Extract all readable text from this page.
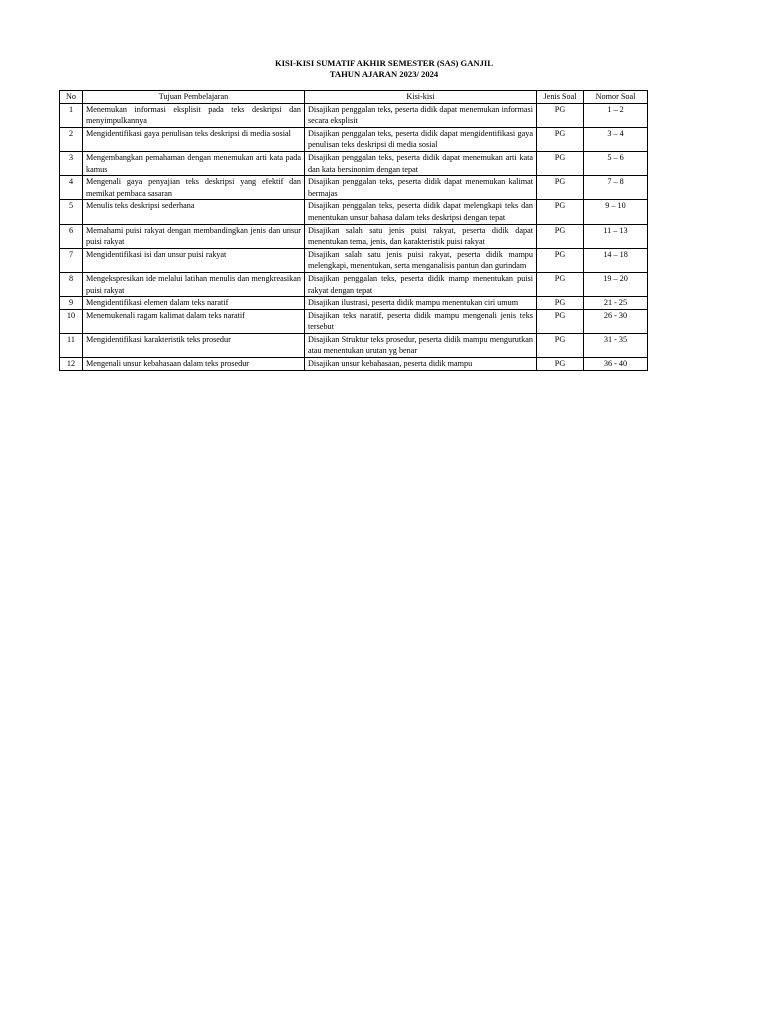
KISI-KISI SUMATIF AKHIR SEMESTER (SAS) GANJIL
TAHUN AJARAN 2023/ 2024
No	Tujuan Pembelajaran	Kisi-kisi	Jenis Soal	Nomor Soal
1	Menemukan informasi eksplisit pada teks deskripsi dan menyimpulkannya	Disajikan penggalan teks, peserta didik dapat menemukan informasi secara eksplisit	PG	1 – 2
2	Mengidentifikasi gaya penulisan teks deskripsi di media sosial	Disajikan penggalan teks, peserta didik dapat mengidentifikasi gaya penulisan teks deskripsi di media sosial	PG	3 – 4
3	Mengembangkan pemahaman dengan menemukan arti kata pada kamus	Disajikan penggalan teks, peserta didik dapat menemukan arti kata dan kata bersinonim dengan tepat	PG	5 – 6
4	Mengenali gaya penyajian teks deskripsi yang efektif dan memikat pembaca sasaran	Disajikan penggalan teks, peserta didik dapat menemukan kalimat bermajas	PG	7 – 8
5	Menulis teks deskripsi sederhana	Disajikan penggalan teks, peserta didik dapat melengkapi teks dan menentukan unsur bahasa dalam teks deskripsi dengan tepat	PG	9 – 10
6	Memahami puisi rakyat dengan membandingkan jenis dan unsur puisi rakyat	Disajikan salah satu jenis puisi rakyat, peserta didik dapat menentukan tema, jenis, dan karakteristik puisi rakyat	PG	11 – 13
7	Mengidentifikasi isi dan unsur puisi rakyat	Disajikan salah satu jenis puisi rakyat, peserta didik mampu melengkapi, menentukan, serta menganalisis pantun dan gurindam	PG	14 – 18
8	Mengekspresikan ide melalui latihan menulis dan mengkreasikan puisi rakyat	Disajikan penggalan teks, peserta didik mamp menentukan puisi rakyat dengan tepat	PG	19 – 20
9	Mengidentifikasi elemen dalam teks naratif	Disajikan ilustrasi, peserta didik mampu menentukan ciri umum	PG	21 - 25
10	Menemukenali ragam kalimat dalam teks naratif	Disajikan teks naratif, peserta didik mampu mengenali jenis teks tersebut	PG	26 - 30
11	Mengidentifikasi karakteristik teks prosedur	Disajikan Struktur teks prosedur, peserta didik mampu mengurutkan atau menentukan urutan yg benar	PG	31 - 35
12	Mengenali unsur kebahasaan dalam teks prosedur	Disajikan unsur kebahasaan, peserta didik mampu	PG	36 - 40
